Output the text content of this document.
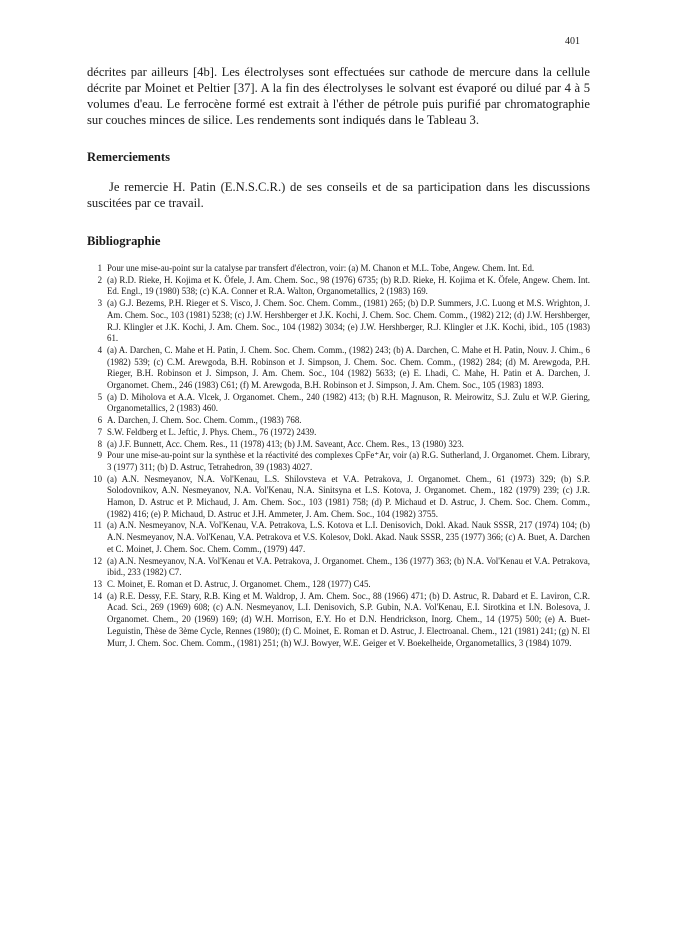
401

décrites par ailleurs [4b]. Les électrolyses sont effectuées sur cathode de mercure dans la cellule décrite par Moinet et Peltier [37]. A la fin des électrolyses le solvant est évaporé ou dilué par 4 à 5 volumes d'eau. Le ferrocène formé est extrait à l'éther de pétrole puis purifié par chromatographie sur couches minces de silice. Les rendements sont indiqués dans le Tableau 3.

Remerciements

Je remercie H. Patin (E.N.S.C.R.) de ses conseils et de sa participation dans les discussions suscitées par ce travail.

Bibliographie
1 Pour une mise-au-point sur la catalyse par transfert d'électron, voir: (a) M. Chanon et M.L. Tobe, Angew. Chem. Int. Ed.
2 (a) R.D. Rieke, H. Kojima et K. Öfele, J. Am. Chem. Soc., 98 (1976) 6735; (b) R.D. Rieke, H. Kojima et K. Öfele, Angew. Chem. Int. Ed. Engl., 19 (1980) 538; (c) K.A. Conner et R.A. Walton, Organometallics, 2 (1983) 169.
3 (a) G.J. Bezems, P.H. Rieger et S. Visco, J. Chem. Soc. Chem. Comm., (1981) 265; (b) D.P. Summers, J.C. Luong et M.S. Wrighton, J. Am. Chem. Soc., 103 (1981) 5238; (c) J.W. Hershberger et J.K. Kochi, J. Chem. Soc. Chem. Comm., (1982) 212; (d) J.W. Hershberger, R.J. Klingler et J.K. Kochi, J. Am. Chem. Soc., 104 (1982) 3034; (e) J.W. Hershberger, R.J. Klingler et J.K. Kochi, ibid., 105 (1983) 61.
4 (a) A. Darchen, C. Mahe et H. Patin, J. Chem. Soc. Chem. Comm., (1982) 243; (b) A. Darchen, C. Mahe et H. Patin, Nouv. J. Chim., 6 (1982) 539; (c) C.M. Arewgoda, B.H. Robinson et J. Simpson, J. Chem. Soc. Chem. Comm., (1982) 284; (d) M. Arewgoda, P.H. Rieger, B.H. Robinson et J. Simpson, J. Am. Chem. Soc., 104 (1982) 5633; (e) E. Lhadi, C. Mahe, H. Patin et A. Darchen, J. Organomet. Chem., 246 (1983) C61; (f) M. Arewgoda, B.H. Robinson et J. Simpson, J. Am. Chem. Soc., 105 (1983) 1893.
5 (a) D. Miholova et A.A. Vlcek, J. Organomet. Chem., 240 (1982) 413; (b) R.H. Magnuson, R. Meirowitz, S.J. Zulu et W.P. Giering, Organometallics, 2 (1983) 460.
6 A. Darchen, J. Chem. Soc. Chem. Comm., (1983) 768.
7 S.W. Feldberg et L. Jeftic, J. Phys. Chem., 76 (1972) 2439.
8 (a) J.F. Bunnett, Acc. Chem. Res., 11 (1978) 413; (b) J.M. Saveant, Acc. Chem. Res., 13 (1980) 323.
9 Pour une mise-au-point sur la synthèse et la réactivité des complexes CpFe⁺Ar, voir (a) R.G. Sutherland, J. Organomet. Chem. Library, 3 (1977) 311; (b) D. Astruc, Tetrahedron, 39 (1983) 4027.
10 (a) A.N. Nesmeyanov, N.A. Vol'Kenau, L.S. Shilovsteva et V.A. Petrakova, J. Organomet. Chem., 61 (1973) 329; (b) S.P. Solodovnikov, A.N. Nesmeyanov, N.A. Vol'Kenau, N.A. Sinitsyna et L.S. Kotova, J. Organomet. Chem., 182 (1979) 239; (c) J.R. Hamon, D. Astruc et P. Michaud, J. Am. Chem. Soc., 103 (1981) 758; (d) P. Michaud et D. Astruc, J. Chem. Soc. Chem. Comm., (1982) 416; (e) P. Michaud, D. Astruc et J.H. Ammeter, J. Am. Chem. Soc., 104 (1982) 3755.
11 (a) A.N. Nesmeyanov, N.A. Vol'Kenau, V.A. Petrakova, L.S. Kotova et L.I. Denisovich, Dokl. Akad. Nauk SSSR, 217 (1974) 104; (b) A.N. Nesmeyanov, N.A. Vol'Kenau, V.A. Petrakova et V.S. Kolesov, Dokl. Akad. Nauk SSSR, 235 (1977) 366; (c) A. Buet, A. Darchen et C. Moinet, J. Chem. Soc. Chem. Comm., (1979) 447.
12 (a) A.N. Nesmeyanov, N.A. Vol'Kenau et V.A. Petrakova, J. Organomet. Chem., 136 (1977) 363; (b) N.A. Vol'Kenau et V.A. Petrakova, ibid., 233 (1982) C7.
13 C. Moinet, E. Roman et D. Astruc, J. Organomet. Chem., 128 (1977) C45.
14 (a) R.E. Dessy, F.E. Stary, R.B. King et M. Waldrop, J. Am. Chem. Soc., 88 (1966) 471; (b) D. Astruc, R. Dabard et E. Laviron, C.R. Acad. Sci., 269 (1969) 608; (c) A.N. Nesmeyanov, L.I. Denisovich, S.P. Gubin, N.A. Vol'Kenau, E.I. Sirotkina et I.N. Bolesova, J. Organomet. Chem., 20 (1969) 169; (d) W.H. Morrison, E.Y. Ho et D.N. Hendrickson, Inorg. Chem., 14 (1975) 500; (e) A. Buet-Leguistin, Thèse de 3ème Cycle, Rennes (1980); (f) C. Moinet, E. Roman et D. Astruc, J. Electroanal. Chem., 121 (1981) 241; (g) N. El Murr, J. Chem. Soc. Chem. Comm., (1981) 251; (h) W.J. Bowyer, W.E. Geiger et V. Boekelheide, Organometallics, 3 (1984) 1079.
